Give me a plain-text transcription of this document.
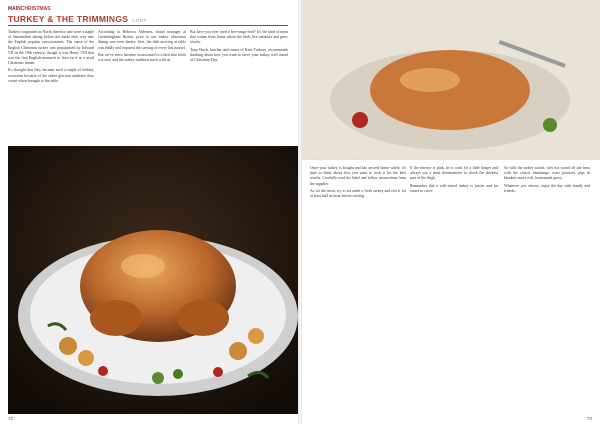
MAINCHRISTMAS
TURKEY & THE TRIMMINGS CONT.

Turkeys originated in North America and were a staple of Amerindian dining before the made their way into the English popular consciousness. The cause of the English Christmas turkey was popularised by Edward VII in the 19th century, though it was Henry VIII that was the first English monarch to feast on it at a royal Christmas dinner.

It's thought that they became such a staple of holiday occasions because of the rather glorious audience they create when brought to the table.

According to Rebecca Alderton, brand manager at Greenfingham Roasts, prior to our turkey obsession dining was even darker: first, the dish arriving at table was fiddly and required the carving of every last morsel.

But we've since become accustomed to a bird that feeds a crowd, and the turkey tradition stuck with us.

But have you ever tried a free-range bird? It's the kind of meat that comes from farms where the birds live outdoors and grow slowly.

Tony Finch, butcher and owner of Kent Turkeys, recommends thinking about how you want to serve your turkey well ahead of Christmas Day.

72

Once your turkey is bought and has arrived home safely, it's time to think about how you want to cook it for the best results. Carefully read the label and follow instructions from the supplier.

As for the meat, try to set aside a fresh turkey and rest it for at least half an hour before carving.

If the interior is pink, let it cook for a little longer and always use a meat thermometer to check the thickest part of the thigh.

Remember that a well-rested turkey is juicier and far easier to carve.

So with the turkey sorted, why not round off the feast with the classic trimmings: roast potatoes, pigs in blankets and a rich, homemade gravy.

Whatever you choose, enjoy the day with family and friends.

73
GREENFINGHAM ROAST TURKEY
